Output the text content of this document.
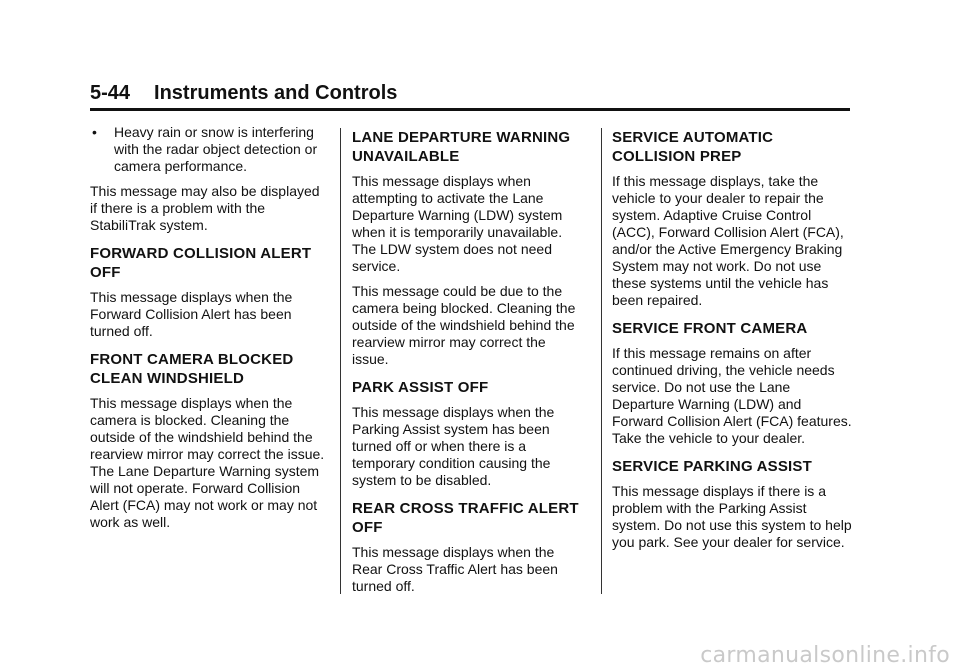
5-44 Instruments and Controls
• Heavy rain or snow is interfering with the radar object detection or camera performance.

This message may also be displayed if there is a problem with the StabiliTrak system.

FORWARD COLLISION ALERT OFF

This message displays when the Forward Collision Alert has been turned off.

FRONT CAMERA BLOCKED CLEAN WINDSHIELD

This message displays when the camera is blocked. Cleaning the outside of the windshield behind the rearview mirror may correct the issue. The Lane Departure Warning system will not operate. Forward Collision Alert (FCA) may not work or may not work as well.

LANE DEPARTURE WARNING UNAVAILABLE

This message displays when attempting to activate the Lane Departure Warning (LDW) system when it is temporarily unavailable. The LDW system does not need service.

This message could be due to the camera being blocked. Cleaning the outside of the windshield behind the rearview mirror may correct the issue.

PARK ASSIST OFF

This message displays when the Parking Assist system has been turned off or when there is a temporary condition causing the system to be disabled.

REAR CROSS TRAFFIC ALERT OFF

This message displays when the Rear Cross Traffic Alert has been turned off.

SERVICE AUTOMATIC COLLISION PREP

If this message displays, take the vehicle to your dealer to repair the system. Adaptive Cruise Control (ACC), Forward Collision Alert (FCA), and/or the Active Emergency Braking System may not work. Do not use these systems until the vehicle has been repaired.

SERVICE FRONT CAMERA

If this message remains on after continued driving, the vehicle needs service. Do not use the Lane Departure Warning (LDW) and Forward Collision Alert (FCA) features. Take the vehicle to your dealer.

SERVICE PARKING ASSIST

This message displays if there is a problem with the Parking Assist system. Do not use this system to help you park. See your dealer for service.

carmanualsonline.info
